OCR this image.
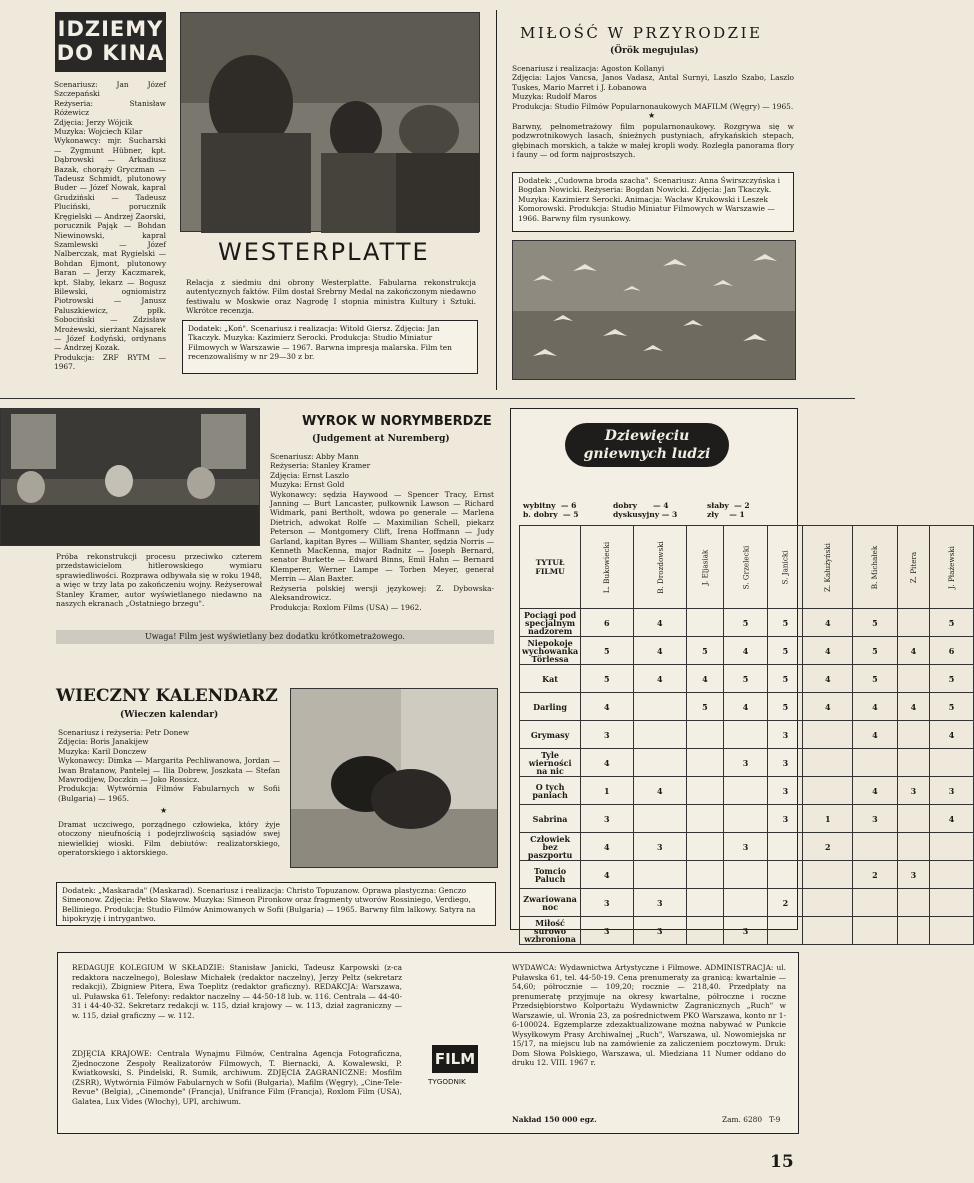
IDZIEMY
DO KINA
Scenariusz: Jan Józef Szczepański
Reżyseria: Stanisław Różewicz
Zdjęcia: Jerzy Wójcik
Muzyka: Wojciech Kilar
Wykonawcy: mjr. Sucharski — Zygmunt Hübner, kpt. Dąbrowski — Arkadiusz Bazak, chorąży Gryczman — Tadeusz Schmidt, plutonowy Buder — Józef Nowak, kapral Grudziński — Tadeusz Pluciński, porucznik Kręgielski — Andrzej Zaorski, porucznik Pająk — Bohdan Niewinowski, kapral Szamlewski — Józef Nalberczak, mat Rygielski — Bohdan Ejmont, plutonowy Baran — Jerzy Kaczmarek, kpt. Słaby, lekarz — Bogusz Bilewski, ogniomistrz Piotrowski — Janusz Paluszkiewicz, ppłk. Sobociński — Zdzisław Mrożewski, sierżant Najsarek — Józef Łodyński, ordynans — Andrzej Kozak.
Produkcja: ZRF RYTM — 1967.
WESTERPLATTE
Relacja z siedmiu dni obrony Westerplatte. Fabularna rekonstrukcja autentycznych faktów. Film dostał Srebrny Medal na zakończonym niedawno festiwalu w Moskwie oraz Nagrodę I stopnia ministra Kultury i Sztuki. Wkrótce recenzja.
Dodatek: „Koń". Scenariusz i realizacja: Witold Giersz. Zdjęcia: Jan Tkaczyk. Muzyka: Kazimierz Serocki. Produkcja: Studio Miniatur Filmowych w Warszawie — 1967. Barwna impresja malarska. Film ten recenzowaliśmy w nr 29—30 z br.
MIŁOŚĆ W PRZYRODZIE
(Örök megujulas)
Scenariusz i realizacja: Agoston Kollanyi
Zdjęcia: Lajos Vancsa, Janos Vadasz, Antal Surnyi, Laszlo Szabo, Laszlo Tuskes, Mario Marret i J. Łobanowa
Muzyka: Rudolf Maros
Produkcja: Studio Filmów Popularnonaukowych MAFILM (Węgry) — 1965.
★
Barwny, pełnometrażowy film popularnonaukowy. Rozgrywa się w podzwrotnikowych lasach, śnieżnych pustyniach, afrykańskich stepach, głębinach morskich, a także w małej kropli wody. Rozległa panorama flory i fauny — od form najprostszych.
Dodatek: „Cudowna broda szacha". Scenariusz: Anna Świrszczyńska i Bogdan Nowicki. Reżyseria: Bogdan Nowicki. Zdjęcia: Jan Tkaczyk. Muzyka: Kazimierz Serocki. Animacja: Wacław Krukowski i Leszek Komorowski. Produkcja: Studio Miniatur Filmowych w Warszawie — 1966. Barwny film rysunkowy.
WYROK W NORYMBERDZE
(Judgement at Nuremberg)
Scenariusz: Abby Mann
Reżyseria: Stanley Kramer
Zdjęcia: Ernst Laszlo
Muzyka: Ernst Gold
Wykonawcy: sędzia Haywood — Spencer Tracy, Ernst Janning — Burt Lancaster, pułkownik Lawson — Richard Widmark, pani Bertholt, wdowa po generale — Marlena Dietrich, adwokat Rolfe — Maximilian Schell, piekarz Peterson — Montgomery Clift, Irena Hoffmann — Judy Garland, kapitan Byres — William Shanter, sędzia Norris — Kenneth MacKenna, major Radnitz — Joseph Bernard, senator Burkette — Edward Binns, Emil Hahn — Bernard Klemperer, Werner Lampe — Torben Meyer, generał Merrin — Alan Baxter.
Reżyseria polskiej wersji językowej: Z. Dybowska-Aleksandrowicz.
Produkcja: Roxlom Films (USA) — 1962.
Próba rekonstrukcji procesu przeciwko czterem przedstawicielom hitlerowskiego wymiaru sprawiedliwości. Rozprawa odbywała się w roku 1948, a więc w trzy lata po zakończeniu wojny. Reżyserował Stanley Kramer, autor wyświetlanego niedawno na naszych ekranach „Ostatniego brzegu".
Uwaga! Film jest wyświetlany bez dodatku krótkometrażowego.
WIECZNY KALENDARZ
(Wieczen kalendar)
Scenariusz i reżyseria: Petr Donew
Zdjęcia: Boris Janakijew
Muzyka: Karil Donczew
Wykonawcy: Dimka — Margarita Pechliwanowa, Jordan — Iwan Bratanow, Pantelej — Ilia Dobrew, Joszkata — Stefan Mawrodijew, Doczkin — Joko Rossicz.
Produkcja: Wytwórnia Filmów Fabularnych w Sofii (Bulgaria) — 1965.
★
Dramat uczciwego, porządnego człowieka, który żyje otoczony nieufnością i podejrzliwością sąsiadów swej niewielkiej wioski. Film debiutów: realizatorskiego, operatorskiego i aktorskiego.
Dodatek: „Maskarada" (Maskarad). Scenariusz i realizacja: Christo Topuzanow. Oprawa plastyczna: Genczo Simeonow. Zdjęcia: Petko Sławow. Muzyka: Simeon Pironkow oraz fragmenty utworów Rossiniego, Verdiego, Belliniego. Produkcja: Studio Filmów Animowanych w Sofii (Bulgaria) — 1965. Barwny film lalkowy. Satyra na hipokryzję i intrygantwo.
Dziewięciu
gniewnych ludzi
wybitny  — 6
b. dobry  — 5
dobry      — 4
dyskusyjny — 3
słaby  — 2
zły    — 1
TYTUŁ FILMU	L. Bukowiecki	B. Drozdowski	J. Eljasiak	S. Grzelecki	S. Janicki	Z. Kałużyński	B. Michałek	Z. Pitera	J. Płażewski
Pociągi pod specjalnym nadzorem	6	4		5	5	4	5		5
Niepokoje wychowanka Törlessa	5	4	5	4	5	4	5	4	6
Kat	5	4	4	5	5	4	5		5
Darling	4		5	4	5	4	4	4	5
Grymasy	3				3		4		4
Tyle wierności na nic	4			3	3				
O tych paniach	1	4			3		4	3	3
Sabrina	3				3	1	3		4
Człowiek bez paszportu	4	3		3		2			
Tomcio Paluch	4						2	3	
Zwariowana noc	3	3			2				
Miłość surowo wzbroniona	3	3		3					
REDAGUJE KOLEGIUM W SKŁADZIE: Stanisław Janicki, Tadeusz Karpowski (z-ca redaktora naczelnego), Bolesław Michałek (redaktor naczelny), Jerzy Peltz (sekretarz redakcji), Zbigniew Pitera, Ewa Toeplitz (redaktor graficzny). REDAKCJA: Warszawa, ul. Puławska 61. Telefony: redaktor naczelny — 44-50-18 lub. w. 116. Centrala — 44-40-31 i 44-40-32. Sekretarz redakcji w. 115, dział krajowy — w. 113, dział zagraniczny — w. 115, dział graficzny — w. 112.
ZDJĘCIA KRAJOWE: Centrala Wynajmu Filmów, Centralna Agencja Fotograficzna, Zjednoczone Zespoły Realizatorów Filmowych, T. Biernacki, A. Kowalewski, P. Kwiatkowski, S. Pindelski, R. Sumik, archiwum. ZDJĘCIA ZAGRANICZNE: Mosfilm (ZSRR), Wytwórnia Filmów Fabularnych w Sofii (Bułgaria), Mafilm (Węgry), „Cine-Tele-Revue" (Belgia), „Cinemonde" (Francja), Unifrance Film (Francja), Roxlom Film (USA), Galatea, Lux Vides (Włochy), UPI, archiwum.
FILM
TYGODNIK
WYDAWCA: Wydawnictwa Artystyczne i Filmowe. ADMINISTRACJA: ul. Puławska 61, tel. 44-50-19. Cena prenumeraty za granicą: kwartalnie — 54,60; półrocznie — 109,20; rocznie — 218,40. Przedpłaty na prenumeratę przyjmuje na okresy kwartalne, półroczne i roczne Przedsiębiorstwo Kolportażu Wydawnictw Zagranicznych „Ruch" w Warszawie, ul. Wronia 23, za pośrednictwem PKO Warszawa, konto nr 1-6-100024. Egzemplarze zdezaktualizowane można nabywać w Punkcie Wysyłkowym Prasy Archiwalnej „Ruch", Warszawa, ul. Nowomiejska nr 15/17, na miejscu lub na zamówienie za zaliczeniem pocztowym. Druk: Dom Słowa Polskiego, Warszawa, ul. Miedziana 11 Numer oddano do druku 12. VIII. 1967 r.
Nakład 150 000 egz.	Zam. 6280   T-9
15
